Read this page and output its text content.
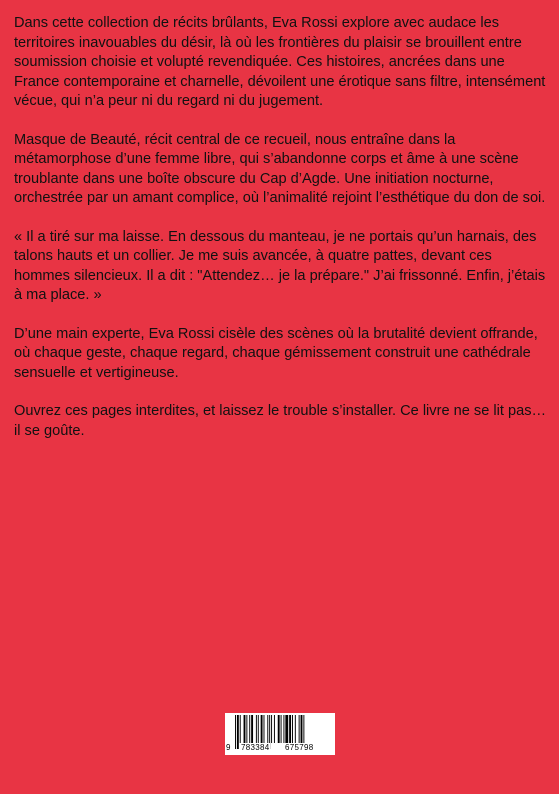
Dans cette collection de récits brûlants, Eva Rossi explore avec audace les territoires inavouables du désir, là où les frontières du plaisir se brouillent entre soumission choisie et volupté revendiquée. Ces histoires, ancrées dans une France contemporaine et charnelle, dévoilent une érotique sans filtre, intensément vécue, qui n’a peur ni du regard ni du jugement.

Masque de Beauté, récit central de ce recueil, nous entraîne dans la métamorphose d’une femme libre, qui s’abandonne corps et âme à une scène troublante dans une boîte obscure du Cap d’Agde. Une initiation nocturne, orchestrée par un amant complice, où l’animalité rejoint l’esthétique du don de soi.

« Il a tiré sur ma laisse. En dessous du manteau, je ne portais qu’un harnais, des talons hauts et un collier. Je me suis avancée, à quatre pattes, devant ces hommes silencieux. Il a dit : "Attendez… je la prépare." J’ai frissonné. Enfin, j’étais à ma place. »

D’une main experte, Eva Rossi cisèle des scènes où la brutalité devient offrande, où chaque geste, chaque regard, chaque gémissement construit une cathédrale sensuelle et vertigineuse.

Ouvrez ces pages interdites, et laissez le trouble s’installer. Ce livre ne se lit pas… il se goûte.

9 783384 675798
